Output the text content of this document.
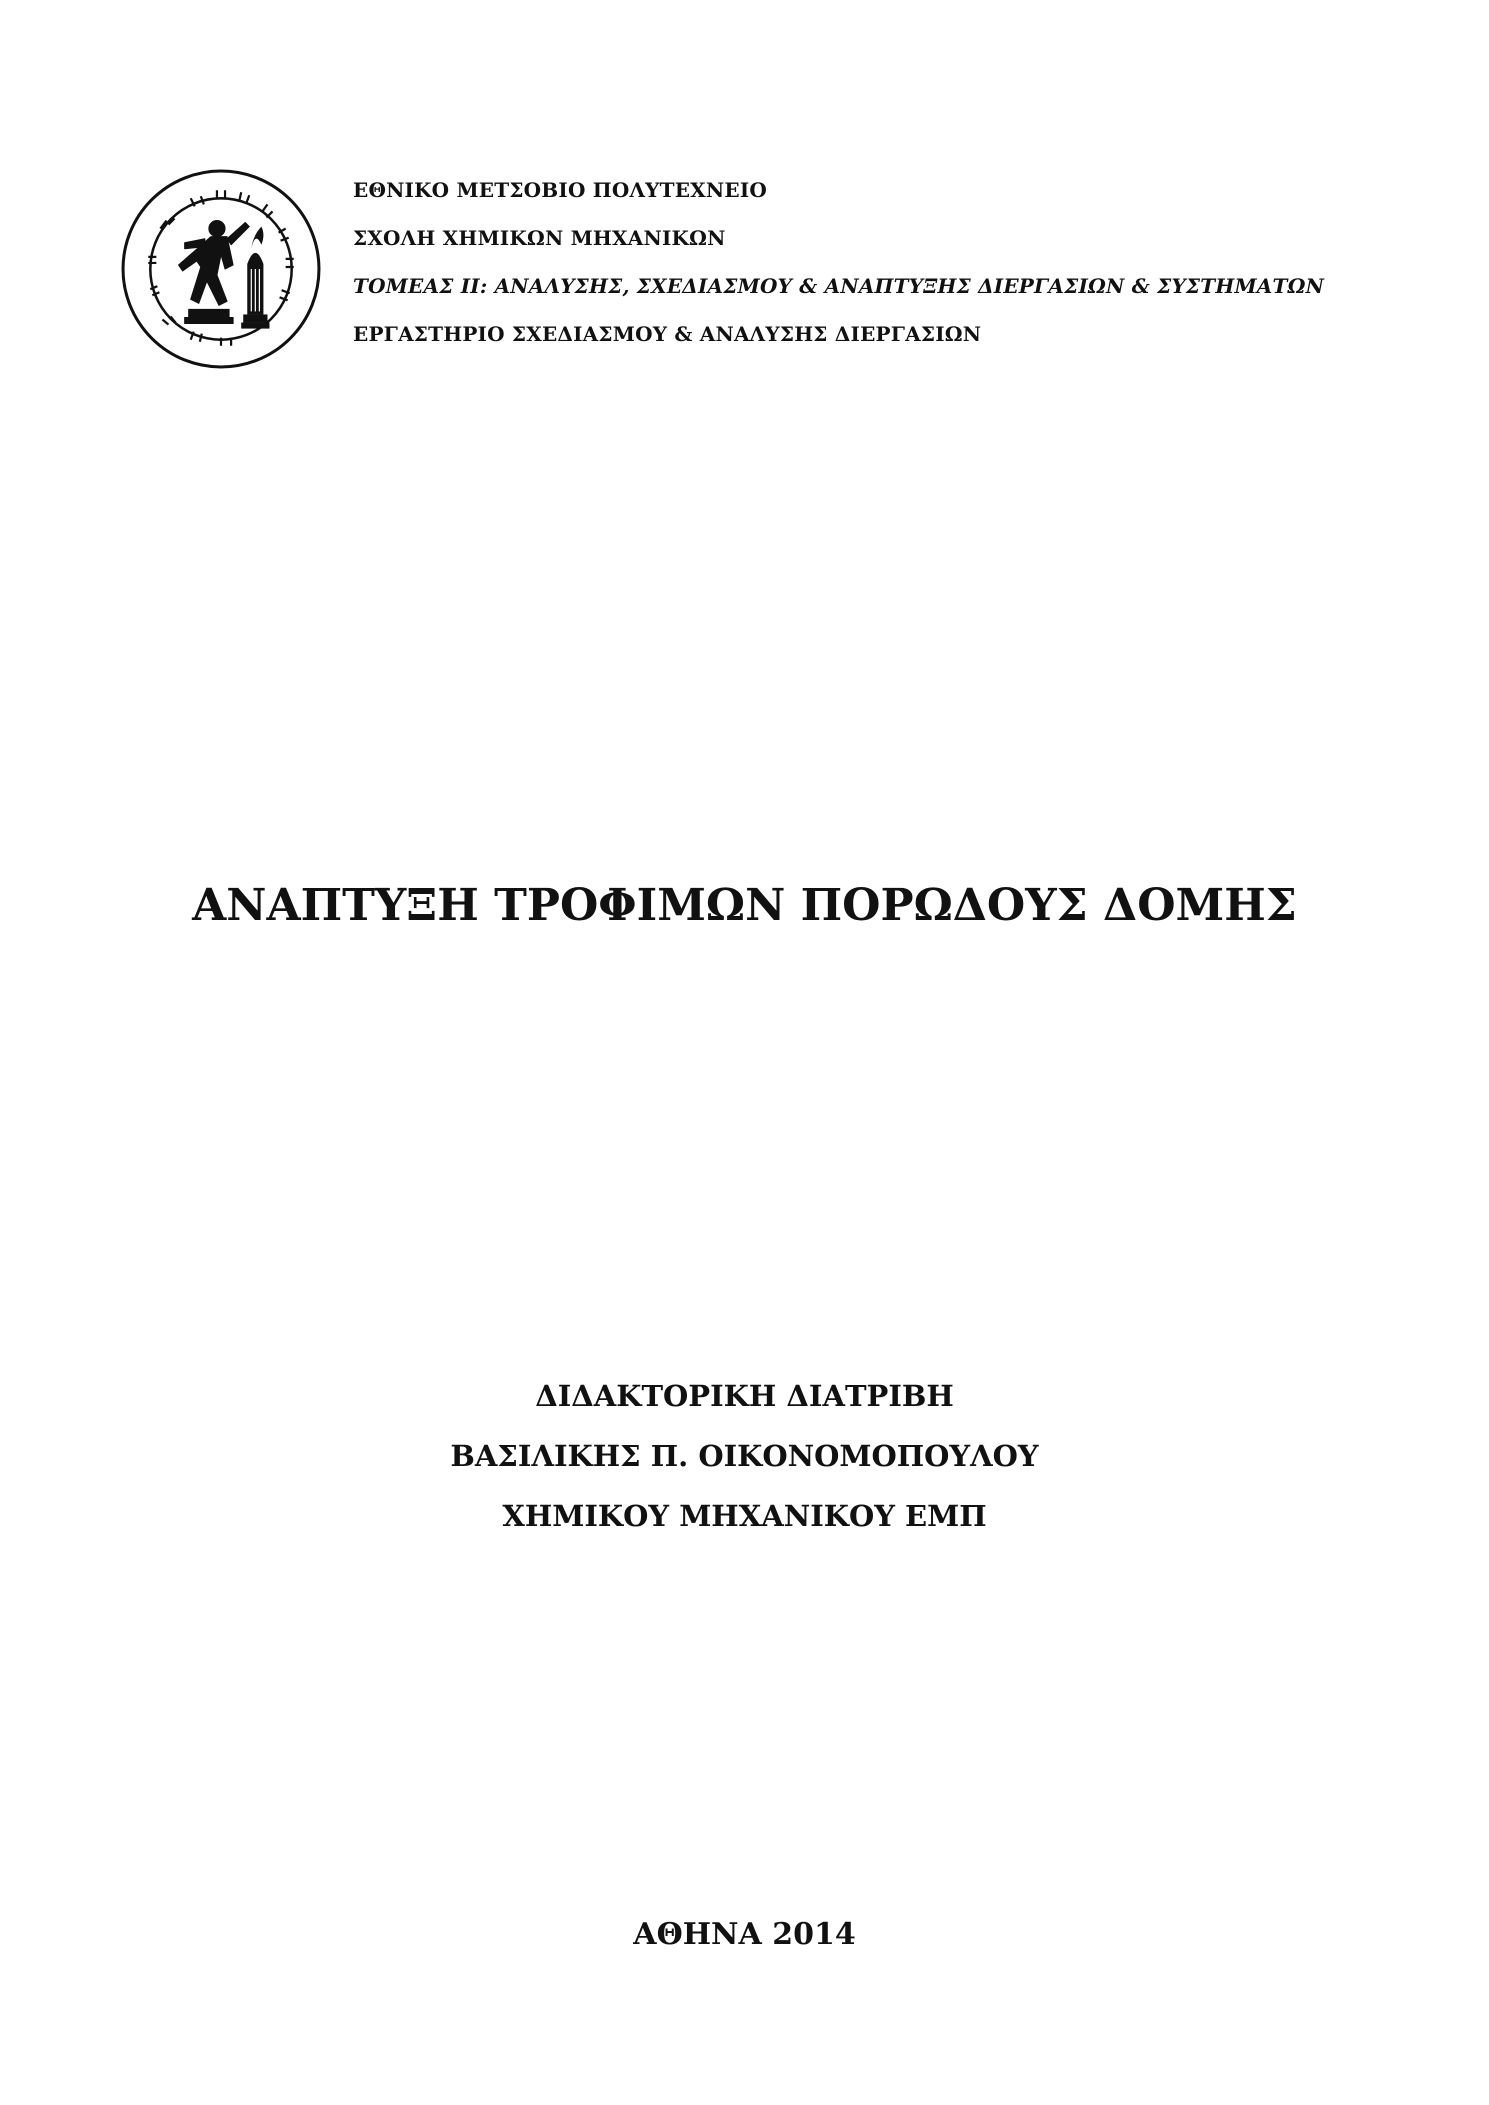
ΕΘΝΙΚΟ ΜΕΤΣΟΒΙΟ ΠΟΛΥΤΕΧΝΕΙΟ
ΣΧΟΛΗ ΧΗΜΙΚΩΝ ΜΗΧΑΝΙΚΩΝ
ΤΟΜΕΑΣ ΙΙ: ΑΝΑΛΥΣΗΣ, ΣΧΕΔΙΑΣΜΟΥ & ΑΝΑΠΤΥΞΗΣ ΔΙΕΡΓΑΣΙΩΝ & ΣΥΣΤΗΜΑΤΩΝ
ΕΡΓΑΣΤΗΡΙΟ ΣΧΕΔΙΑΣΜΟΥ & ΑΝΑΛΥΣΗΣ ΔΙΕΡΓΑΣΙΩΝ
ΑΝΑΠΤΥΞΗ ΤΡΟΦΙΜΩΝ ΠΟΡΩΔΟΥΣ ΔΟΜΗΣ
ΔΙΔΑΚΤΟΡΙΚΗ ΔΙΑΤΡΙΒΗ
ΒΑΣΙΛΙΚΗΣ Π. ΟΙΚΟΝΟΜΟΠΟΥΛΟΥ
ΧΗΜΙΚΟΥ ΜΗΧΑΝΙΚΟΥ ΕΜΠ
ΑΘΗΝΑ 2014
